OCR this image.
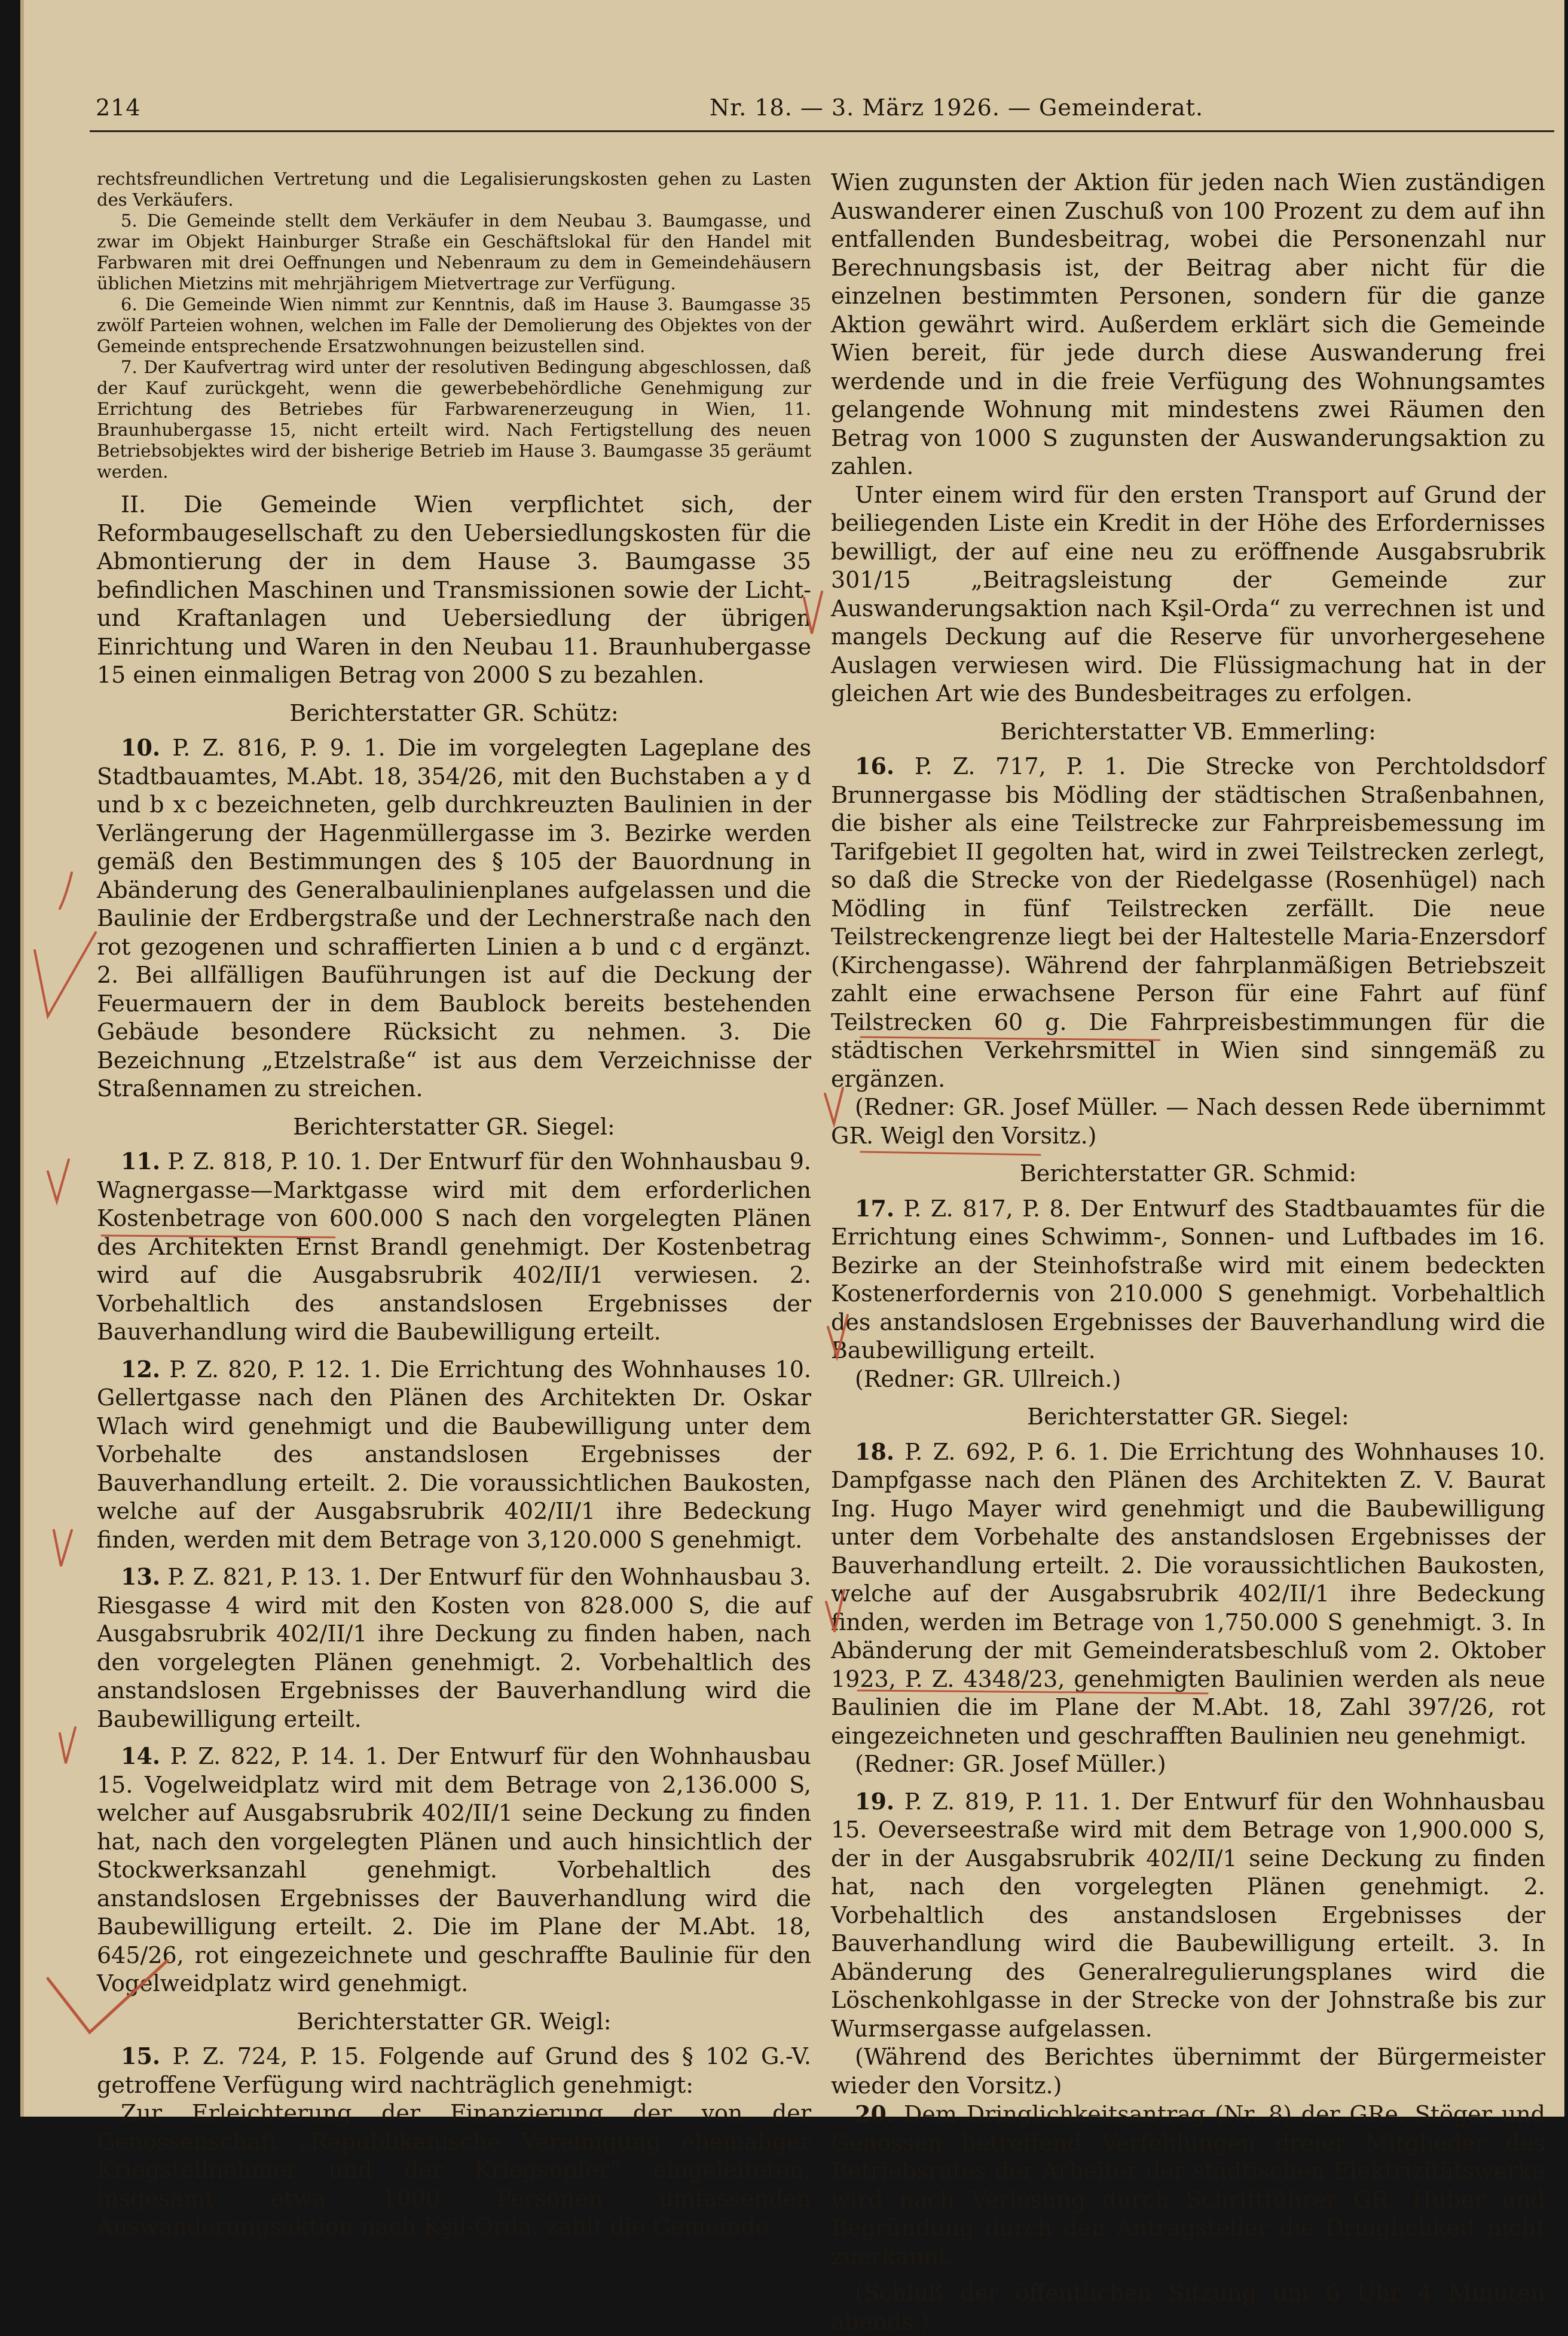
214	Nr. 18. — 3. März 1926. — Gemeinderat.

rechtsfreundlichen Vertretung und die Legalisierungskosten gehen zu Lasten des Verkäufers.

5. Die Gemeinde stellt dem Verkäufer in dem Neubau 3. Baumgasse, und zwar im Objekt Hainburger Straße ein Geschäftslokal für den Handel mit Farbwaren mit drei Oeffnungen und Nebenraum zu dem in Gemeindehäusern üblichen Mietzins mit mehrjährigem Mietvertrage zur Verfügung.

6. Die Gemeinde Wien nimmt zur Kenntnis, daß im Hause 3. Baumgasse 35 zwölf Parteien wohnen, welchen im Falle der Demolierung des Objektes von der Gemeinde entsprechende Ersatzwohnungen beizustellen sind.

7. Der Kaufvertrag wird unter der resolutiven Bedingung abgeschlossen, daß der Kauf zurückgeht, wenn die gewerbebehördliche Genehmigung zur Errichtung des Betriebes für Farbwarenerzeugung in Wien, 11. Braunhubergasse 15, nicht erteilt wird. Nach Fertigstellung des neuen Betriebsobjektes wird der bisherige Betrieb im Hause 3. Baumgasse 35 geräumt werden.

II. Die Gemeinde Wien verpflichtet sich, der Reformbaugesellschaft zu den Uebersiedlungskosten für die Abmontierung der in dem Hause 3. Baumgasse 35 befindlichen Maschinen und Transmissionen sowie der Licht- und Kraftanlagen und Uebersiedlung der übrigen Einrichtung und Waren in den Neubau 11. Braunhubergasse 15 einen einmaligen Betrag von 2000 S zu bezahlen.

Berichterstatter GR. Schütz:

10. P. Z. 816, P. 9. 1. Die im vorgelegten Lageplane des Stadtbauamtes, M.Abt. 18, 354/26, mit den Buchstaben a y d und b x c bezeichneten, gelb durchkreuzten Baulinien in der Verlängerung der Hagenmüllergasse im 3. Bezirke werden gemäß den Bestimmungen des § 105 der Bauordnung in Abänderung des Generalbaulinienplanes aufgelassen und die Baulinie der Erdbergstraße und der Lechnerstraße nach den rot gezogenen und schraffierten Linien a b und c d ergänzt. 2. Bei allfälligen Bauführungen ist auf die Deckung der Feuermauern der in dem Baublock bereits bestehenden Gebäude besondere Rücksicht zu nehmen. 3. Die Bezeichnung „Etzelstraße“ ist aus dem Verzeichnisse der Straßennamen zu streichen.

Berichterstatter GR. Siegel:

11. P. Z. 818, P. 10. 1. Der Entwurf für den Wohnhausbau 9. Wagnergasse—Marktgasse wird mit dem erforderlichen Kostenbetrage von 600.000 S nach den vorgelegten Plänen des Architekten Ernst Brandl genehmigt. Der Kostenbetrag wird auf die Ausgabsrubrik 402/II/1 verwiesen. 2. Vorbehaltlich des anstandslosen Ergebnisses der Bauverhandlung wird die Baubewilligung erteilt.

12. P. Z. 820, P. 12. 1. Die Errichtung des Wohnhauses 10. Gellertgasse nach den Plänen des Architekten Dr. Oskar Wlach wird genehmigt und die Baubewilligung unter dem Vorbehalte des anstandslosen Ergebnisses der Bauverhandlung erteilt. 2. Die voraussichtlichen Baukosten, welche auf der Ausgabsrubrik 402/II/1 ihre Bedeckung finden, werden mit dem Betrage von 3,120.000 S genehmigt.

13. P. Z. 821, P. 13. 1. Der Entwurf für den Wohnhausbau 3. Riesgasse 4 wird mit den Kosten von 828.000 S, die auf Ausgabsrubrik 402/II/1 ihre Deckung zu finden haben, nach den vorgelegten Plänen genehmigt. 2. Vorbehaltlich des anstandslosen Ergebnisses der Bauverhandlung wird die Baubewilligung erteilt.

14. P. Z. 822, P. 14. 1. Der Entwurf für den Wohnhausbau 15. Vogelweidplatz wird mit dem Betrage von 2,136.000 S, welcher auf Ausgabsrubrik 402/II/1 seine Deckung zu finden hat, nach den vorgelegten Plänen und auch hinsichtlich der Stockwerksanzahl genehmigt. Vorbehaltlich des anstandslosen Ergebnisses der Bauverhandlung wird die Baubewilligung erteilt. 2. Die im Plane der M.Abt. 18, 645/26, rot eingezeichnete und geschraffte Baulinie für den Vogelweidplatz wird genehmigt.

Berichterstatter GR. Weigl:

15. P. Z. 724, P. 15. Folgende auf Grund des § 102 G.-V. getroffene Verfügung wird nachträglich genehmigt:

Zur Erleichterung der Finanzierung der von der Genossenschaft „Republikanische Vereinigung ehemaliger Kriegsteilnehmer und der Kriegsopfer“ eingeleiteten, insgesamt etwa 1000 Personen umfassenden Auswanderungsaktion nach Kşil-Orda, zahlt die Gemeinde

Wien zugunsten der Aktion für jeden nach Wien zuständigen Auswanderer einen Zuschuß von 100 Prozent zu dem auf ihn entfallenden Bundesbeitrag, wobei die Personenzahl nur Berechnungsbasis ist, der Beitrag aber nicht für die einzelnen bestimmten Personen, sondern für die ganze Aktion gewährt wird. Außerdem erklärt sich die Gemeinde Wien bereit, für jede durch diese Auswanderung frei werdende und in die freie Verfügung des Wohnungsamtes gelangende Wohnung mit mindestens zwei Räumen den Betrag von 1000 S zugunsten der Auswanderungsaktion zu zahlen.

Unter einem wird für den ersten Transport auf Grund der beiliegenden Liste ein Kredit in der Höhe des Erfordernisses bewilligt, der auf eine neu zu eröffnende Ausgabsrubrik 301/15 „Beitragsleistung der Gemeinde zur Auswanderungsaktion nach Kşil-Orda“ zu verrechnen ist und mangels Deckung auf die Reserve für unvorhergesehene Auslagen verwiesen wird. Die Flüssigmachung hat in der gleichen Art wie des Bundesbeitrages zu erfolgen.

Berichterstatter VB. Emmerling:

16. P. Z. 717, P. 1. Die Strecke von Perchtoldsdorf Brunnergasse bis Mödling der städtischen Straßenbahnen, die bisher als eine Teilstrecke zur Fahrpreisbemessung im Tarifgebiet II gegolten hat, wird in zwei Teilstrecken zerlegt, so daß die Strecke von der Riedelgasse (Rosenhügel) nach Mödling in fünf Teilstrecken zerfällt. Die neue Teilstreckengrenze liegt bei der Haltestelle Maria-Enzersdorf (Kirchengasse). Während der fahrplanmäßigen Betriebszeit zahlt eine erwachsene Person für eine Fahrt auf fünf Teilstrecken 60 g. Die Fahrpreisbestimmungen für die städtischen Verkehrsmittel in Wien sind sinngemäß zu ergänzen.

(Redner: GR. Josef Müller. — Nach dessen Rede übernimmt GR. Weigl den Vorsitz.)

Berichterstatter GR. Schmid:

17. P. Z. 817, P. 8. Der Entwurf des Stadtbauamtes für die Errichtung eines Schwimm-, Sonnen- und Luftbades im 16. Bezirke an der Steinhofstraße wird mit einem bedeckten Kostenerfordernis von 210.000 S genehmigt. Vorbehaltlich des anstandslosen Ergebnisses der Bauverhandlung wird die Baubewilligung erteilt.

(Redner: GR. Ullreich.)

Berichterstatter GR. Siegel:

18. P. Z. 692, P. 6. 1. Die Errichtung des Wohnhauses 10. Dampfgasse nach den Plänen des Architekten Z. V. Baurat Ing. Hugo Mayer wird genehmigt und die Baubewilligung unter dem Vorbehalte des anstandslosen Ergebnisses der Bauverhandlung erteilt. 2. Die voraussichtlichen Baukosten, welche auf der Ausgabsrubrik 402/II/1 ihre Bedeckung finden, werden im Betrage von 1,750.000 S genehmigt. 3. In Abänderung der mit Gemeinderatsbeschluß vom 2. Oktober 1923, P. Z. 4348/23, genehmigten Baulinien werden als neue Baulinien die im Plane der M.Abt. 18, Zahl 397/26, rot eingezeichneten und geschrafften Baulinien neu genehmigt.

(Redner: GR. Josef Müller.)

19. P. Z. 819, P. 11. 1. Der Entwurf für den Wohnhausbau 15. Oeverseestraße wird mit dem Betrage von 1,900.000 S, der in der Ausgabsrubrik 402/II/1 seine Deckung zu finden hat, nach den vorgelegten Plänen genehmigt. 2. Vorbehaltlich des anstandslosen Ergebnisses der Bauverhandlung wird die Baubewilligung erteilt. 3. In Abänderung des Generalregulierungsplanes wird die Löschenkohlgasse in der Strecke von der Johnstraße bis zur Wurmsergasse aufgelassen.

(Während des Berichtes übernimmt der Bürgermeister wieder den Vorsitz.)

20. Dem Dringlichkeitsantrag (Nr. 8) der GRe. Stöger und Genossen betreffend Verfehlungen dreier Mitglieder des Betriebsrates der Arbeiter der städtischen Elektrizitätswerke wird nach Verlesung durch Schriftführer GR. Huber und Begründung durch den Antragsteller die Dringlichkeit nicht zuerkannt.

(Schluß der öffentlichen Sitzung um 6 Uhr 4 Minuten abends.)
